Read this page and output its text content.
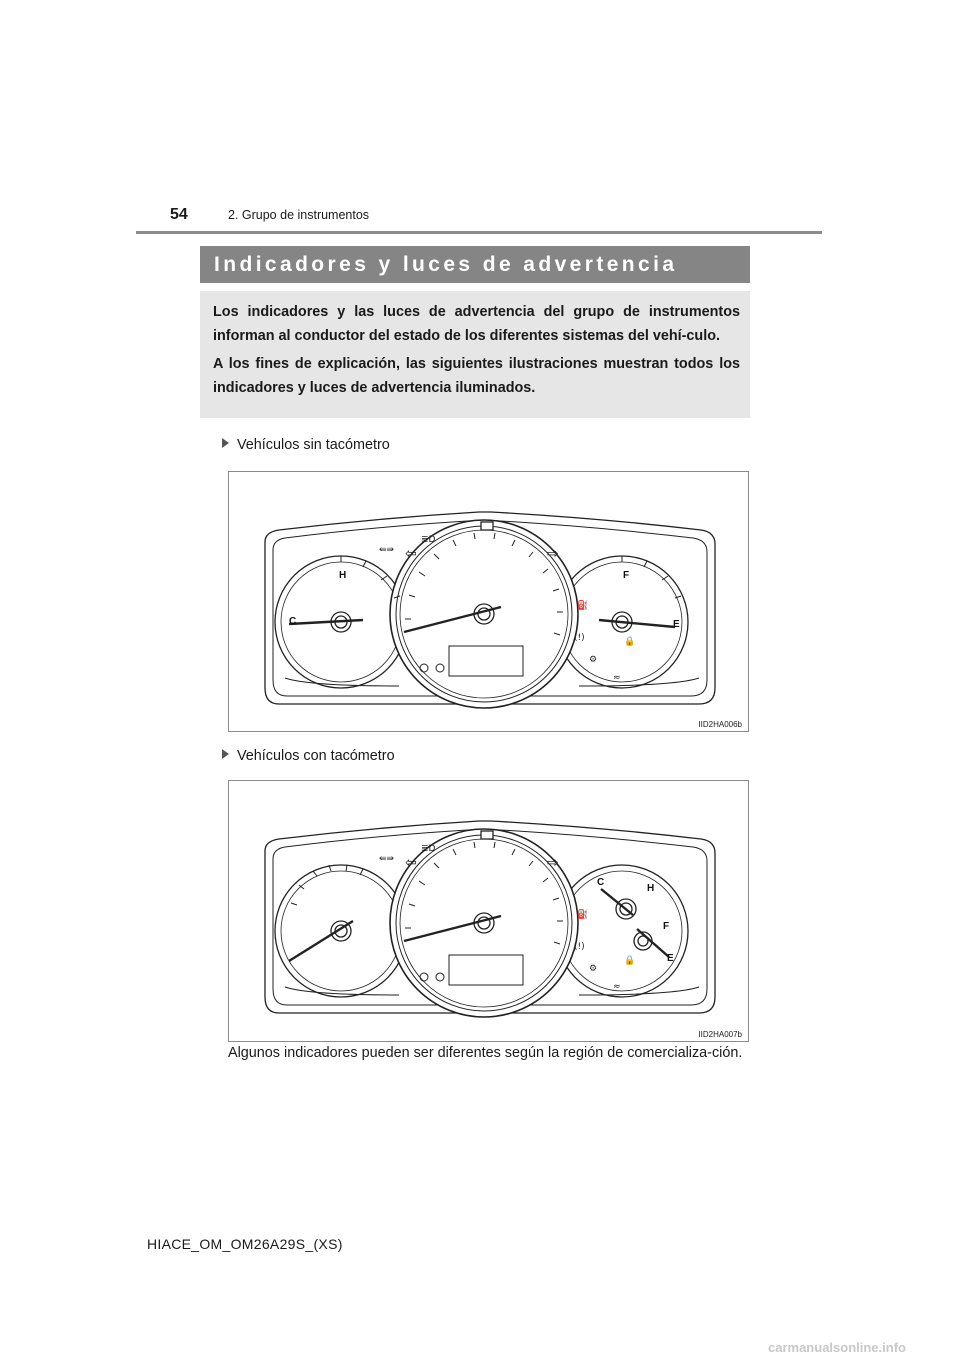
54	2. Grupo de instrumentos
Indicadores y luces de advertencia

Los indicadores y las luces de advertencia del grupo de instrumentos informan al conductor del estado de los diferentes sistemas del vehí-culo.

A los fines de explicación, las siguientes ilustraciones muestran todos los indicadores y luces de advertencia iluminados.

Vehículos sin tacómetro
H
C
F
E
⇚⇛
≣D
⇦	⇨
⛽
(!)
⚙
🔒
≈
IID2HA006b
Vehículos con tacómetro
H
C
F
E
⇚⇛
≣D
⇦	⇨
⛽
(!)
⚙
🔒
≈
IID2HA007b
Algunos indicadores pueden ser diferentes según la región de comercializa-ción.
HIACE_OM_OM26A29S_(XS)
carmanualsonline.info
